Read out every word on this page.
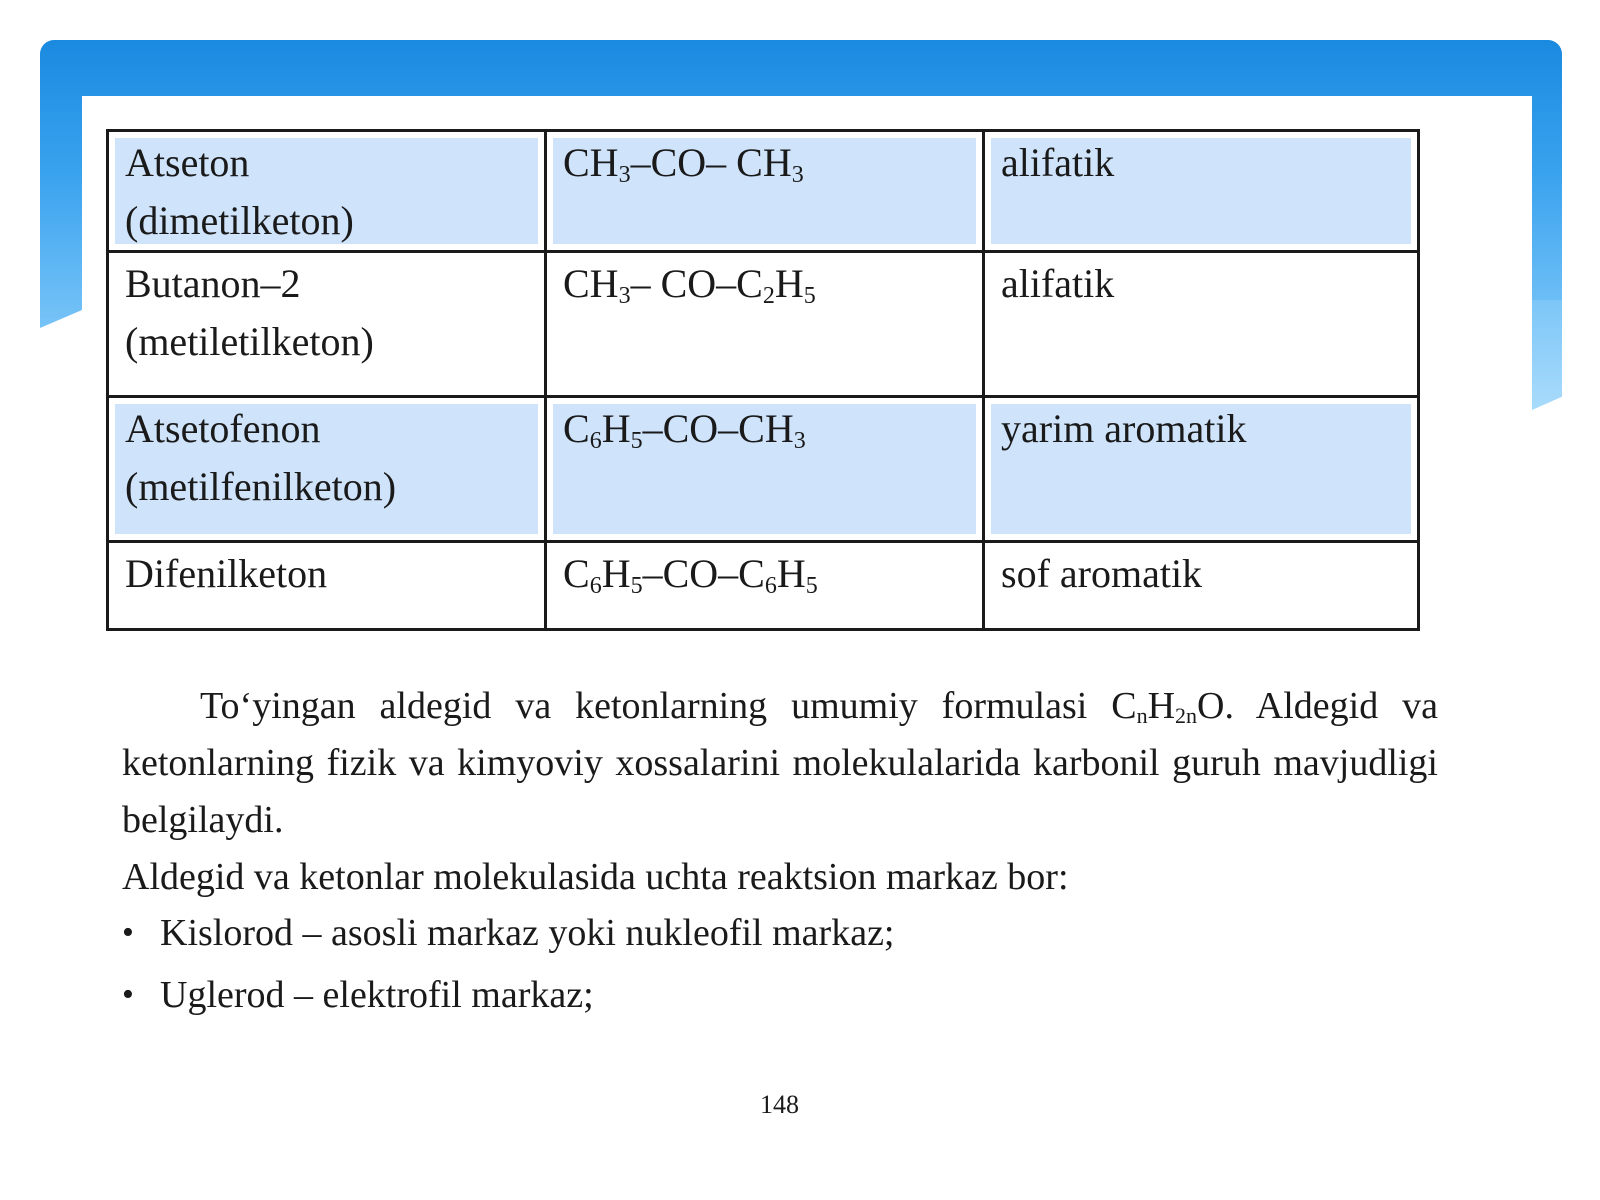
Atseton
(dimetilketon)	$CH_3-CO-$ $CH_3$	alifatik

Butanon–2
(metiletilketon)	$CH_3-$ $CO-C_2H_5$	alifatik

Atsetofenon
(metilfenilketon)	$C_6H_5-CO-CH_3$	yarim aromatik

Difenilketon	$C_6H_5-CO-C_6H_5$	sof aromatik
To‘yingan aldegid va ketonlarning umumiy formulasi $C_nH_{2n}O$. Aldegid va ketonlarning fizik va kimyoviy xossalarini molekulalarida karbonil guruh mavjudligi belgilaydi.
Aldegid va ketonlar molekulasida uchta reaktsion markaz bor:
• Kislorod – asosli markaz yoki nukleofil markaz;
• Uglerod – elektrofil markaz;
148
